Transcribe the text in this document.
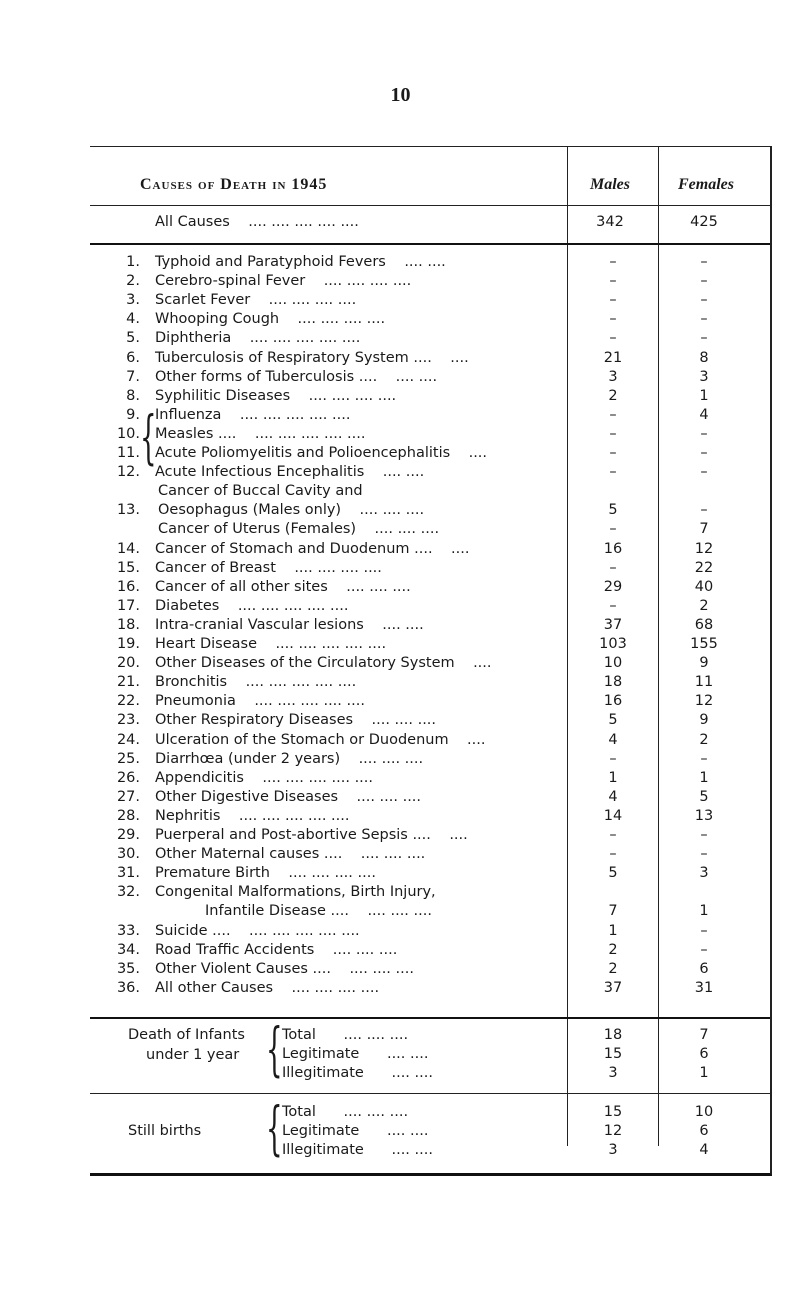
10
Causes of Death in 1945	Males	Females
All Causes .... .... .... .... ....	342	425
1. Typhoid and Paratyphoid Fevers .... ....	–	–
2. Cerebro-spinal Fever .... .... .... ....	–	–
3. Scarlet Fever .... .... .... ....	–	–
4. Whooping Cough .... .... .... ....	–	–
5. Diphtheria .... .... .... .... ....	–	–
6. Tuberculosis of Respiratory System .... ....	21	8
7. Other forms of Tuberculosis .... .... ....	3	3
8. Syphilitic Diseases .... .... .... ....	2	1
9. Influenza .... .... .... .... ....	–	4
10. Measles .... .... .... .... .... ....	–	–
11. Acute Poliomyelitis and Polioencephalitis ....	–	–
12. Acute Infectious Encephalitis .... ....	–	–
Cancer of Buccal Cavity and
13. Oesophagus (Males only) .... .... ....	5	–
Cancer of Uterus (Females) .... .... ....	–	7
14. Cancer of Stomach and Duodenum .... ....	16	12
15. Cancer of Breast .... .... .... ....	–	22
16. Cancer of all other sites .... .... ....	29	40
17. Diabetes .... .... .... .... ....	–	2
18. Intra-cranial Vascular lesions .... ....	37	68
19. Heart Disease .... .... .... .... ....	103	155
20. Other Diseases of the Circulatory System ....	10	9
21. Bronchitis .... .... .... .... ....	18	11
22. Pneumonia .... .... .... .... ....	16	12
23. Other Respiratory Diseases .... .... ....	5	9
24. Ulceration of the Stomach or Duodenum ....	4	2
25. Diarrhœa (under 2 years) .... .... ....	–	–
26. Appendicitis .... .... .... .... ....	1	1
27. Other Digestive Diseases .... .... ....	4	5
28. Nephritis .... .... .... .... ....	14	13
29. Puerperal and Post-abortive Sepsis .... ....	–	–
30. Other Maternal causes .... .... .... ....	–	–
31. Premature Birth .... .... .... ....	5	3
32. Congenital Malformations, Birth Injury,
Infantile Disease .... .... .... ....	7	1
33. Suicide .... .... .... .... .... ....	1	–
34. Road Traffic Accidents .... .... ....	2	–
35. Other Violent Causes .... .... .... ....	2	6
36. All other Causes .... .... .... ....	37	31
{
Death of Infants
under 1 year { Total .... .... ....	18	7
Legitimate .... ....	15	6
Illegitimate .... ....	3	1
Still births { Total .... .... ....	15	10
Legitimate .... ....	12	6
Illegitimate .... ....	3	4
